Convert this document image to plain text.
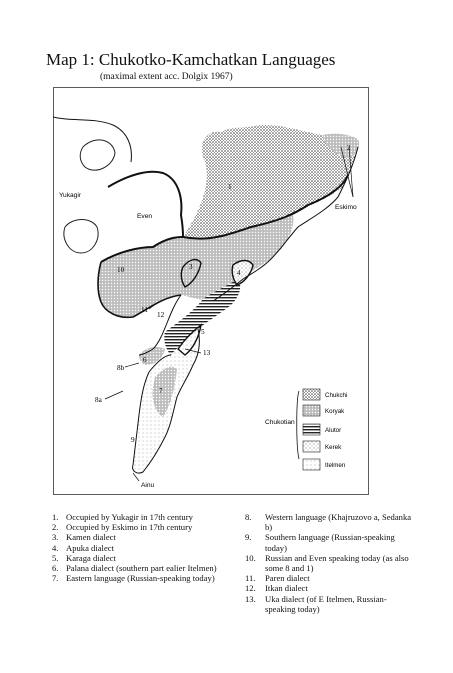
Map 1: Chukotko-Kamchatkan Languages
(maximal extent acc. Dolgix 1967)
Yukagir
Even
Eskimo
Ainu
Chukotian
1
2
3
4
5
6
7
8a
8b
9
10
11
12
13
Chukchi
Koryak
Alutor
Kerek
Itelmen

1. Occupied by Yukagir in 17th century

2. Occupied by Eskimo in 17th century

3. Kamen dialect

4. Apuka dialect

5. Karaga dialect

6. Palana dialect (southern part ealier Itelmen)

7. Eastern language (Russian-speaking today)

8. Western language (Khajruzovo a, Sedanka b)

9. Southern language (Russian-speaking today)

10. Russian and Even speaking today (as also some 8 and 1)

11. Paren dialect

12. Itkan dialect

13. Uka dialect (of E Itelmen, Russian-speaking today)
